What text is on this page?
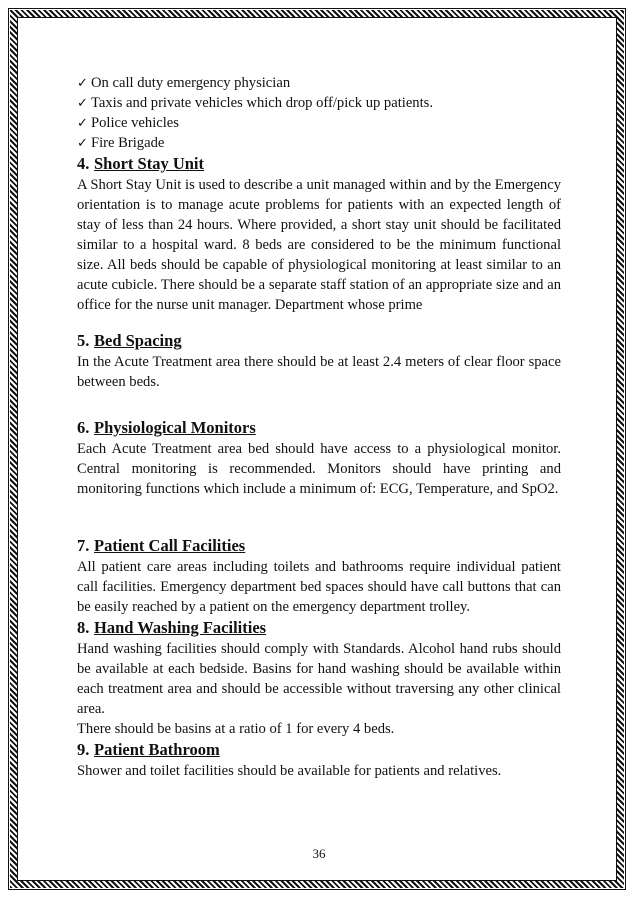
✓ On call duty emergency physician
✓ Taxis and private vehicles which drop off/pick up patients.
✓ Police vehicles
✓ Fire Brigade
4. Short Stay Unit

A Short Stay Unit is used to describe a unit managed within and by the Emergency orientation is to manage acute problems for patients with an expected length of stay of less than 24 hours. Where provided, a short stay unit should be facilitated similar to a hospital ward. 8 beds are considered to be the minimum functional size. All beds should be capable of physiological monitoring at least similar to an acute cubicle. There should be a separate staff station of an appropriate size and an office for the nurse unit manager. Department whose prime

5. Bed Spacing

In the Acute Treatment area there should be at least 2.4 meters of clear floor space between beds.

6. Physiological Monitors

Each Acute Treatment area bed should have access to a physiological monitor. Central monitoring is recommended. Monitors should have printing and monitoring functions which include a minimum of: ECG, Temperature, and SpO2.

7. Patient Call Facilities

All patient care areas including toilets and bathrooms require individual patient call facilities. Emergency department bed spaces should have call buttons that can be easily reached by a patient on the emergency department trolley.

8. Hand Washing Facilities

Hand washing facilities should comply with Standards. Alcohol hand rubs should be available at each bedside. Basins for hand washing should be available within each treatment area and should be accessible without traversing any other clinical area.

There should be basins at a ratio of 1 for every 4 beds.

9. Patient Bathroom

Shower and toilet facilities should be available for patients and relatives.

36
